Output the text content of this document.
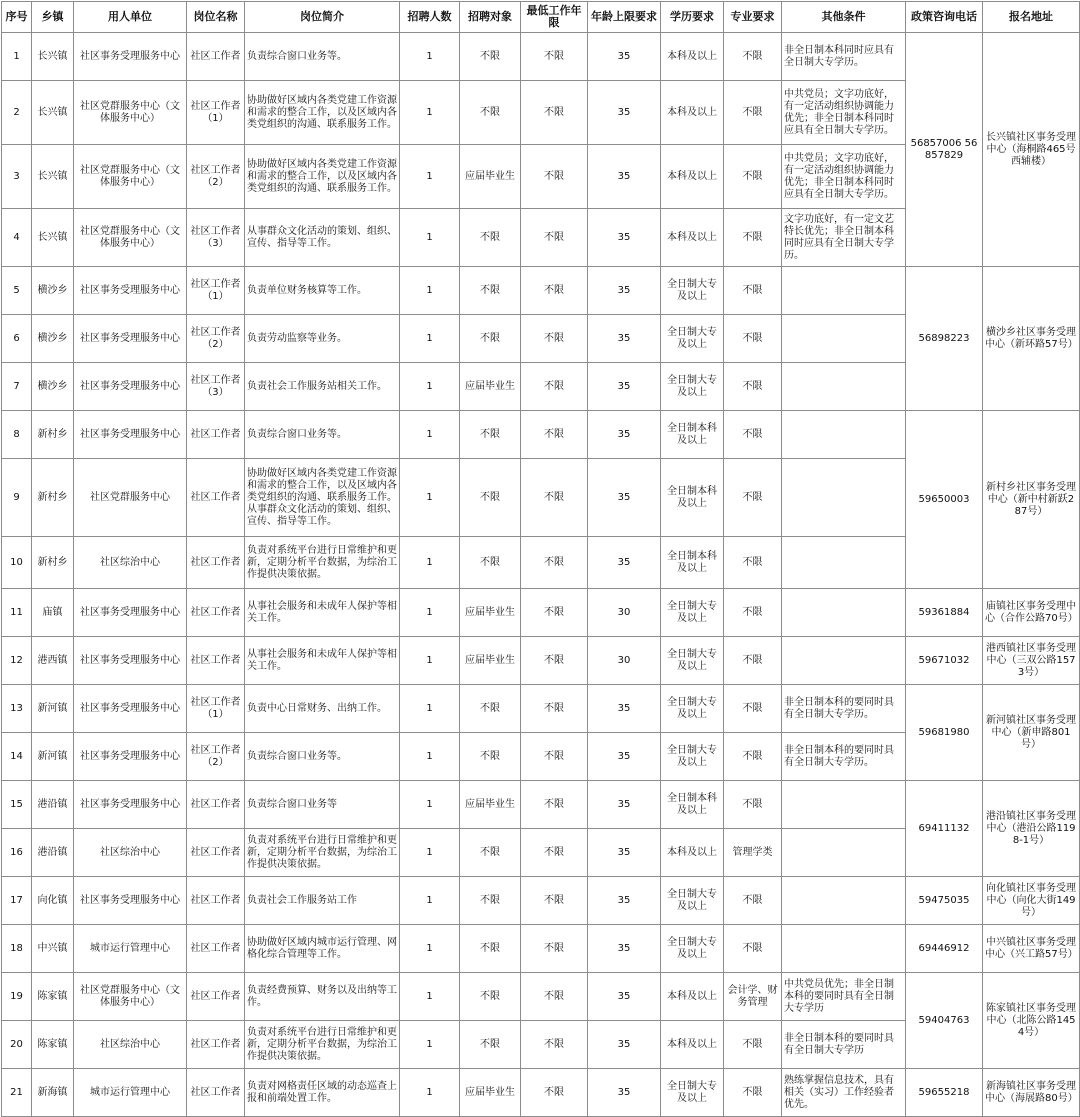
序号	乡镇	用人单位	岗位名称	岗位简介	招聘人数	招聘对象	最低工作年限	年龄上限要求	学历要求	专业要求	其他条件	政策咨询电话	报名地址
1	长兴镇	社区事务受理服务中心	社区工作者	负责综合窗口业务等。	1	不限	不限	35	本科及以上	不限	非全日制本科同时应具有全日制大专学历。	56857006 56857829	长兴镇社区事务受理中心（海桐路465号西辅楼）
2	长兴镇	社区党群服务中心（文体服务中心）	社区工作者（1）	协助做好区域内各类党建工作资源和需求的整合工作，以及区域内各类党组织的沟通、联系服务工作。	1	不限	不限	35	本科及以上	不限	中共党员；文字功底好，有一定活动组织协调能力优先；非全日制本科同时应具有全日制大专学历。		
3	长兴镇	社区党群服务中心（文体服务中心）	社区工作者（2）	协助做好区域内各类党建工作资源和需求的整合工作，以及区域内各类党组织的沟通、联系服务工作。	1	应届毕业生	不限	35	本科及以上	不限	中共党员；文字功底好，有一定活动组织协调能力优先；非全日制本科同时应具有全日制大专学历。		
4	长兴镇	社区党群服务中心（文体服务中心）	社区工作者（3）	从事群众文化活动的策划、组织、宣传、指导等工作。	1	不限	不限	35	本科及以上	不限	文字功底好，有一定文艺特长优先；非全日制本科同时应具有全日制大专学历。		
5	横沙乡	社区事务受理服务中心	社区工作者（1）	负责单位财务核算等工作。	1	不限	不限	35	全日制大专及以上	不限		56898223	横沙乡社区事务受理中心（新环路57号）
6	横沙乡	社区事务受理服务中心	社区工作者（2）	负责劳动监察等业务。	1	不限	不限	35	全日制大专及以上	不限			
7	横沙乡	社区事务受理服务中心	社区工作者（3）	负责社会工作服务站相关工作。	1	应届毕业生	不限	35	全日制大专及以上	不限			
8	新村乡	社区事务受理服务中心	社区工作者	负责综合窗口业务等。	1	不限	不限	35	全日制本科及以上	不限		59650003	新村乡社区事务受理中心（新中村新跃287号）
9	新村乡	社区党群服务中心	社区工作者	协助做好区域内各类党建工作资源和需求的整合工作，以及区域内各类党组织的沟通、联系服务工作。从事群众文化活动的策划、组织、宣传、指导等工作。	1	不限	不限	35	全日制本科及以上	不限			
10	新村乡	社区综治中心	社区工作者	负责对系统平台进行日常维护和更新，定期分析平台数据，为综治工作提供决策依据。	1	不限	不限	35	全日制本科及以上	不限			
11	庙镇	社区事务受理服务中心	社区工作者	从事社会服务和未成年人保护等相关工作。	1	应届毕业生	不限	30	全日制大专及以上	不限		59361884	庙镇社区事务受理中心（合作公路70号）
12	港西镇	社区事务受理服务中心	社区工作者	从事社会服务和未成年人保护等相关工作。	1	应届毕业生	不限	30	全日制大专及以上	不限		59671032	港西镇社区事务受理中心（三双公路1573号）
13	新河镇	社区事务受理服务中心	社区工作者（1）	负责中心日常财务、出纳工作。	1	不限	不限	35	全日制大专及以上	不限	非全日制本科的要同时具有全日制大专学历。	59681980	新河镇社区事务受理中心（新申路801号）
14	新河镇	社区事务受理服务中心	社区工作者（2）	负责综合窗口业务等。	1	不限	不限	35	全日制大专及以上	不限	非全日制本科的要同时具有全日制大专学历。		
15	港沿镇	社区事务受理服务中心	社区工作者	负责综合窗口业务等	1	应届毕业生	不限	35	全日制本科及以上	不限		69411132	港沿镇社区事务受理中心（港沿公路1198-1号）
16	港沿镇	社区综治中心	社区工作者	负责对系统平台进行日常维护和更新，定期分析平台数据，为综治工作提供决策依据。	1	不限	不限	35	本科及以上	管理学类			
17	向化镇	社区事务受理服务中心	社区工作者	负责社会工作服务站工作	1	不限	不限	35	全日制大专及以上	不限		59475035	向化镇社区事务受理中心（向化大街149号）
18	中兴镇	城市运行管理中心	社区工作者	协助做好区域内城市运行管理、网格化综合管理等工作。	1	不限	不限	35	全日制大专及以上	不限		69446912	中兴镇社区事务受理中心（兴工路57号）
19	陈家镇	社区党群服务中心（文体服务中心）	社区工作者	负责经费预算、财务以及出纳等工作。	1	不限	不限	35	本科及以上	会计学、财务管理	中共党员优先；非全日制本科的要同时具有全日制大专学历	59404763	陈家镇社区事务受理中心（北陈公路1454号）
20	陈家镇	社区综治中心	社区工作者	负责对系统平台进行日常维护和更新，定期分析平台数据，为综治工作提供决策依据。	1	不限	不限	35	本科及以上	不限	非全日制本科的要同时具有全日制大专学历		
21	新海镇	城市运行管理中心	社区工作者	负责对网格责任区域的动态巡查上报和前端处置工作。	1	应届毕业生	不限	35	全日制大专及以上	不限	熟练掌握信息技术，具有相关（实习）工作经验者优先。	59655218	新海镇社区事务受理中心（海展路80号）
